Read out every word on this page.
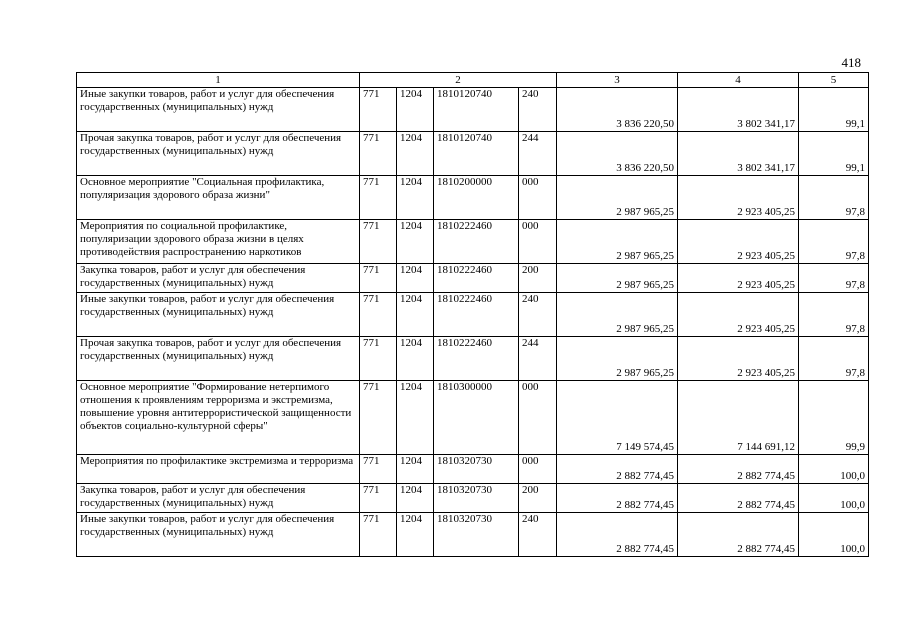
418
1	2				3	4	5
Иные закупки товаров, работ и услуг для обеспечения государственных (муниципальных) нужд	771	1204	1810120740	240	3 836 220,50	3 802 341,17	99,1
Прочая закупка товаров, работ и услуг для обеспечения государственных (муниципальных) нужд	771	1204	1810120740	244	3 836 220,50	3 802 341,17	99,1
Основное мероприятие "Социальная профилактика, популяризация здорового образа жизни"	771	1204	1810200000	000	2 987 965,25	2 923 405,25	97,8
Мероприятия по социальной профилактике, популяризации здорового образа жизни в целях противодействия распространению наркотиков	771	1204	1810222460	000	2 987 965,25	2 923 405,25	97,8
Закупка товаров, работ и услуг для обеспечения государственных (муниципальных) нужд	771	1204	1810222460	200	2 987 965,25	2 923 405,25	97,8
Иные закупки товаров, работ и услуг для обеспечения государственных (муниципальных) нужд	771	1204	1810222460	240	2 987 965,25	2 923 405,25	97,8
Прочая закупка товаров, работ и услуг для обеспечения государственных (муниципальных) нужд	771	1204	1810222460	244	2 987 965,25	2 923 405,25	97,8
Основное мероприятие "Формирование нетерпимого отношения к проявлениям терроризма и экстремизма, повышение уровня антитеррористической защищенности объектов социально-культурной сферы"	771	1204	1810300000	000	7 149 574,45	7 144 691,12	99,9
Мероприятия по профилактике экстремизма и терроризма	771	1204	1810320730	000	2 882 774,45	2 882 774,45	100,0
Закупка товаров, работ и услуг для обеспечения государственных (муниципальных) нужд	771	1204	1810320730	200	2 882 774,45	2 882 774,45	100,0
Иные закупки товаров, работ и услуг для обеспечения государственных (муниципальных) нужд	771	1204	1810320730	240	2 882 774,45	2 882 774,45	100,0
